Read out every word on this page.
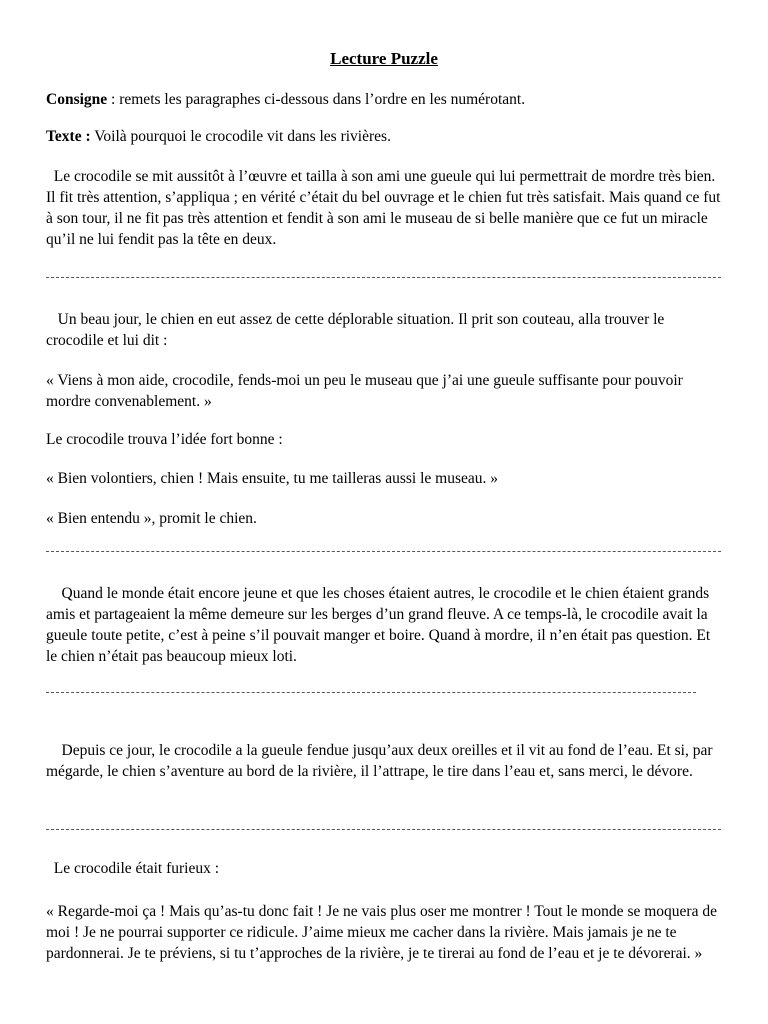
Lecture Puzzle

Consigne : remets les paragraphes ci-dessous dans l’ordre en les numérotant.

Texte : Voilà pourquoi le crocodile vit dans les rivières.

Le crocodile se mit aussitôt à l’œuvre et tailla à son ami une gueule qui lui permettrait de mordre très bien. Il fit très attention, s’appliqua ; en vérité c’était du bel ouvrage et le chien fut très satisfait. Mais quand ce fut à son tour, il ne fit pas très attention et fendit à son ami le museau de si belle manière que ce fut un miracle qu’il ne lui fendit pas la tête en deux.

Un beau jour, le chien en eut assez de cette déplorable situation. Il prit son couteau, alla trouver le crocodile et lui dit :

« Viens à mon aide, crocodile, fends-moi un peu le museau que j’ai une gueule suffisante pour pouvoir mordre convenablement. »

Le crocodile trouva l’idée fort bonne :

« Bien volontiers, chien ! Mais ensuite, tu me tailleras aussi le museau. »

« Bien entendu », promit le chien.

Quand le monde était encore jeune et que les choses étaient autres, le crocodile et le chien étaient grands amis et partageaient la même demeure sur les berges d’un grand fleuve. A ce temps-là, le crocodile avait la gueule toute petite, c’est à peine s’il pouvait manger et boire. Quand à mordre, il n’en était pas question. Et le chien n’était pas beaucoup mieux loti.

Depuis ce jour, le crocodile a la gueule fendue jusqu’aux deux oreilles et il vit au fond de l’eau. Et si, par mégarde, le chien s’aventure au bord de la rivière, il l’attrape, le tire dans l’eau et, sans merci, le dévore.

Le crocodile était furieux :

« Regarde-moi ça ! Mais qu’as-tu donc fait ! Je ne vais plus oser me montrer ! Tout le monde se moquera de moi ! Je ne pourrai supporter ce ridicule. J’aime mieux me cacher dans la rivière. Mais jamais je ne te pardonnerai. Je te préviens, si tu t’approches de la rivière, je te tirerai au fond de l’eau et je te dévorerai. »
